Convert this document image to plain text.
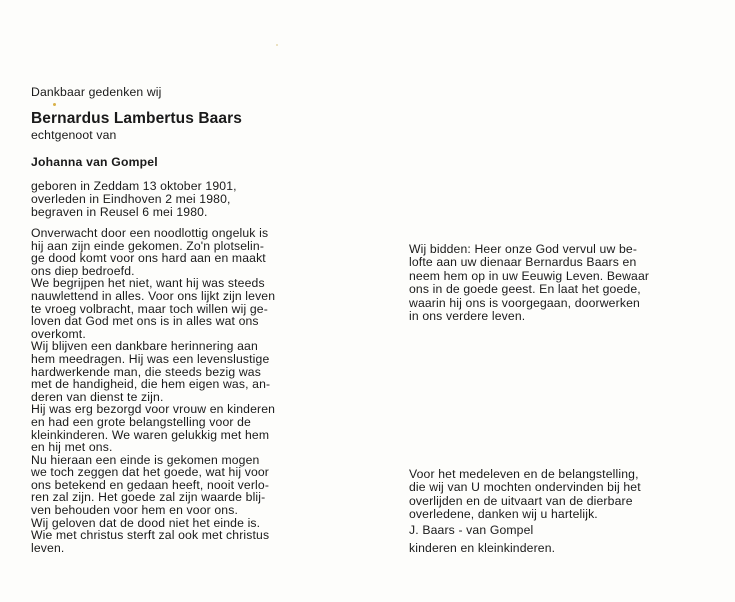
Dankbaar gedenken wij
Bernardus Lambertus Baars
echtgenoot van
Johanna van Gompel
geboren in Zeddam 13 oktober 1901,
overleden in Eindhoven 2 mei 1980,
begraven in Reusel 6 mei 1980.
Onverwacht door een noodlottig ongeluk is
hij aan zijn einde gekomen. Zo'n plotselin-
ge dood komt voor ons hard aan en maakt
ons diep bedroefd.
We begrijpen het niet, want hij was steeds
nauwlettend in alles. Voor ons lijkt zijn leven
te vroeg volbracht, maar toch willen wij ge-
loven dat God met ons is in alles wat ons
overkomt.
Wij blijven een dankbare herinnering aan
hem meedragen. Hij was een levenslustige
hardwerkende man, die steeds bezig was
met de handigheid, die hem eigen was, an-
deren van dienst te zijn.
Hij was erg bezorgd voor vrouw en kinderen
en had een grote belangstelling voor de
kleinkinderen. We waren gelukkig met hem
en hij met ons.
Nu hieraan een einde is gekomen mogen
we toch zeggen dat het goede, wat hij voor
ons betekend en gedaan heeft, nooit verlo-
ren zal zijn. Het goede zal zijn waarde blij-
ven behouden voor hem en voor ons.
Wij geloven dat de dood niet het einde is.
Wie met christus sterft zal ook met christus
leven.
Wij bidden: Heer onze God vervul uw be-
lofte aan uw dienaar Bernardus Baars en
neem hem op in uw Eeuwig Leven. Bewaar
ons in de goede geest. En laat het goede,
waarin hij ons is voorgegaan, doorwerken
in ons verdere leven.
Voor het medeleven en de belangstelling,
die wij van U mochten ondervinden bij het
overlijden en de uitvaart van de dierbare
overledene, danken wij u hartelijk.
J. Baars - van Gompel
kinderen en kleinkinderen.
